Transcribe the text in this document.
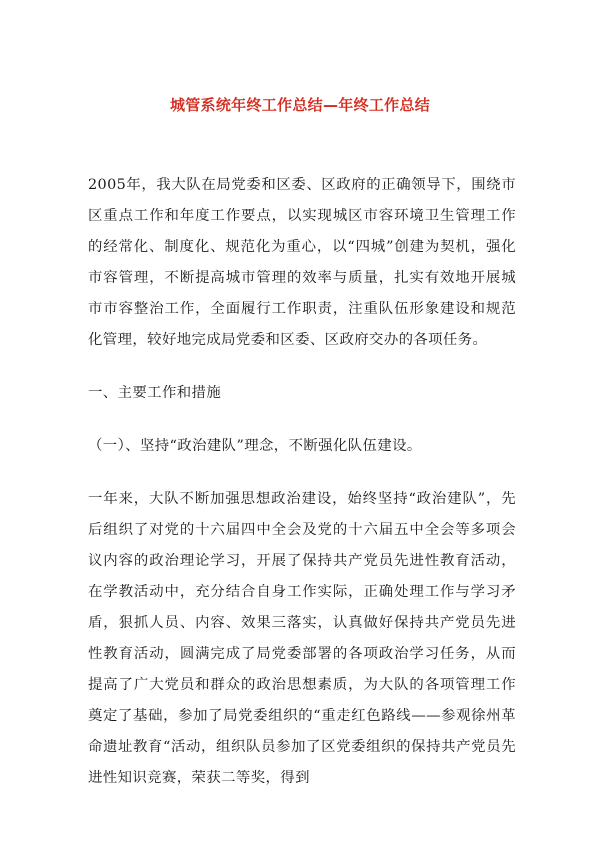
城管系统年终工作总结—年终工作总结

2005年，我大队在局党委和区委、区政府的正确领导下，围绕市区重点工作和年度工作要点，以实现城区市容环境卫生管理工作的经常化、制度化、规范化为重心，以“四城”创建为契机，强化市容管理，不断提高城市管理的效率与质量，扎实有效地开展城市市容整治工作，全面履行工作职责，注重队伍形象建设和规范化管理，较好地完成局党委和区委、区政府交办的各项任务。

一、主要工作和措施

（一）、坚持“政治建队”理念，不断强化队伍建设。

一年来，大队不断加强思想政治建设，始终坚持“政治建队”，先后组织了对党的十六届四中全会及党的十六届五中全会等多项会议内容的政治理论学习，开展了保持共产党员先进性教育活动，在学教活动中，充分结合自身工作实际，正确处理工作与学习矛盾，狠抓人员、内容、效果三落实，认真做好保持共产党员先进性教育活动，圆满完成了局党委部署的各项政治学习任务，从而提高了广大党员和群众的政治思想素质，为大队的各项管理工作奠定了基础，参加了局党委组织的“重走红色路线——参观徐州革命遗址教育“活动，组织队员参加了区党委组织的保持共产党员先进性知识竞赛，荣获二等奖，得到
